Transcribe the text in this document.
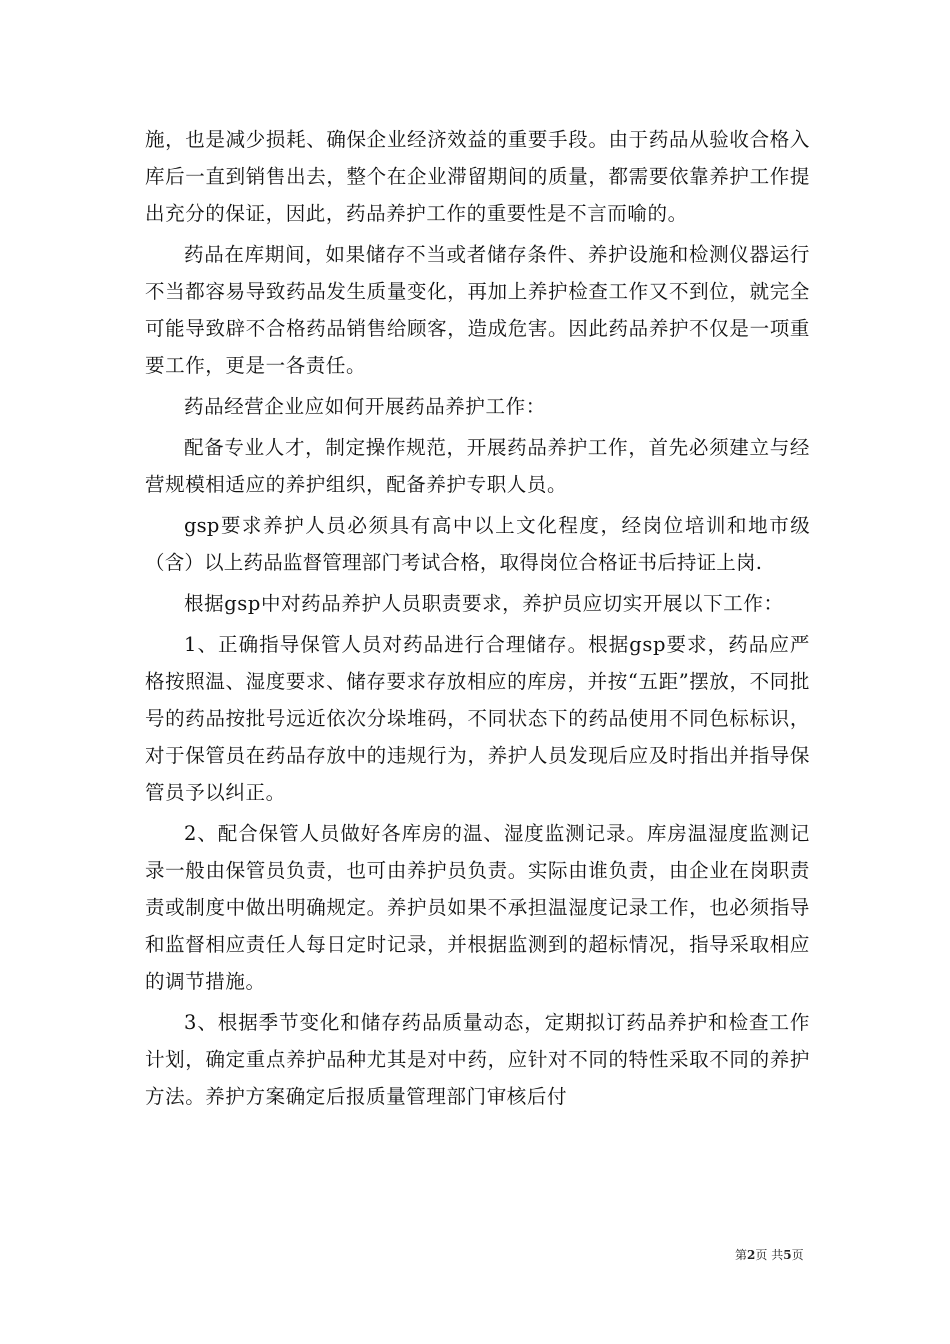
施，也是减少损耗、确保企业经济效益的重要手段。由于药品从验收合格入库后一直到销售出去，整个在企业滞留期间的质量，都需要依靠养护工作提出充分的保证，因此，药品养护工作的重要性是不言而喻的。

药品在库期间，如果储存不当或者储存条件、养护设施和检测仪器运行不当都容易导致药品发生质量变化，再加上养护检查工作又不到位，就完全可能导致辟不合格药品销售给顾客，造成危害。因此药品养护不仅是一项重要工作，更是一各责任。

药品经营企业应如何开展药品养护工作：

配备专业人才，制定操作规范，开展药品养护工作，首先必须建立与经营规模相适应的养护组织，配备养护专职人员。

gsp要求养护人员必须具有高中以上文化程度，经岗位培训和地市级（含）以上药品监督管理部门考试合格，取得岗位合格证书后持证上岗.

根据gsp中对药品养护人员职责要求，养护员应切实开展以下工作：

1、正确指导保管人员对药品进行合理储存。根据gsp要求，药品应严格按照温、湿度要求、储存要求存放相应的库房，并按“五距”摆放，不同批号的药品按批号远近依次分垛堆码，不同状态下的药品使用不同色标标识，对于保管员在药品存放中的违规行为，养护人员发现后应及时指出并指导保管员予以纠正。

2、配合保管人员做好各库房的温、湿度监测记录。库房温湿度监测记录一般由保管员负责，也可由养护员负责。实际由谁负责，由企业在岗职责责或制度中做出明确规定。养护员如果不承担温湿度记录工作，也必须指导和监督相应责任人每日定时记录，并根据监测到的超标情况，指导采取相应的调节措施。

3、根据季节变化和储存药品质量动态，定期拟订药品养护和检查工作计划，确定重点养护品种尤其是对中药，应针对不同的特性采取不同的养护方法。养护方案确定后报质量管理部门审核后付

第2页 共5页
